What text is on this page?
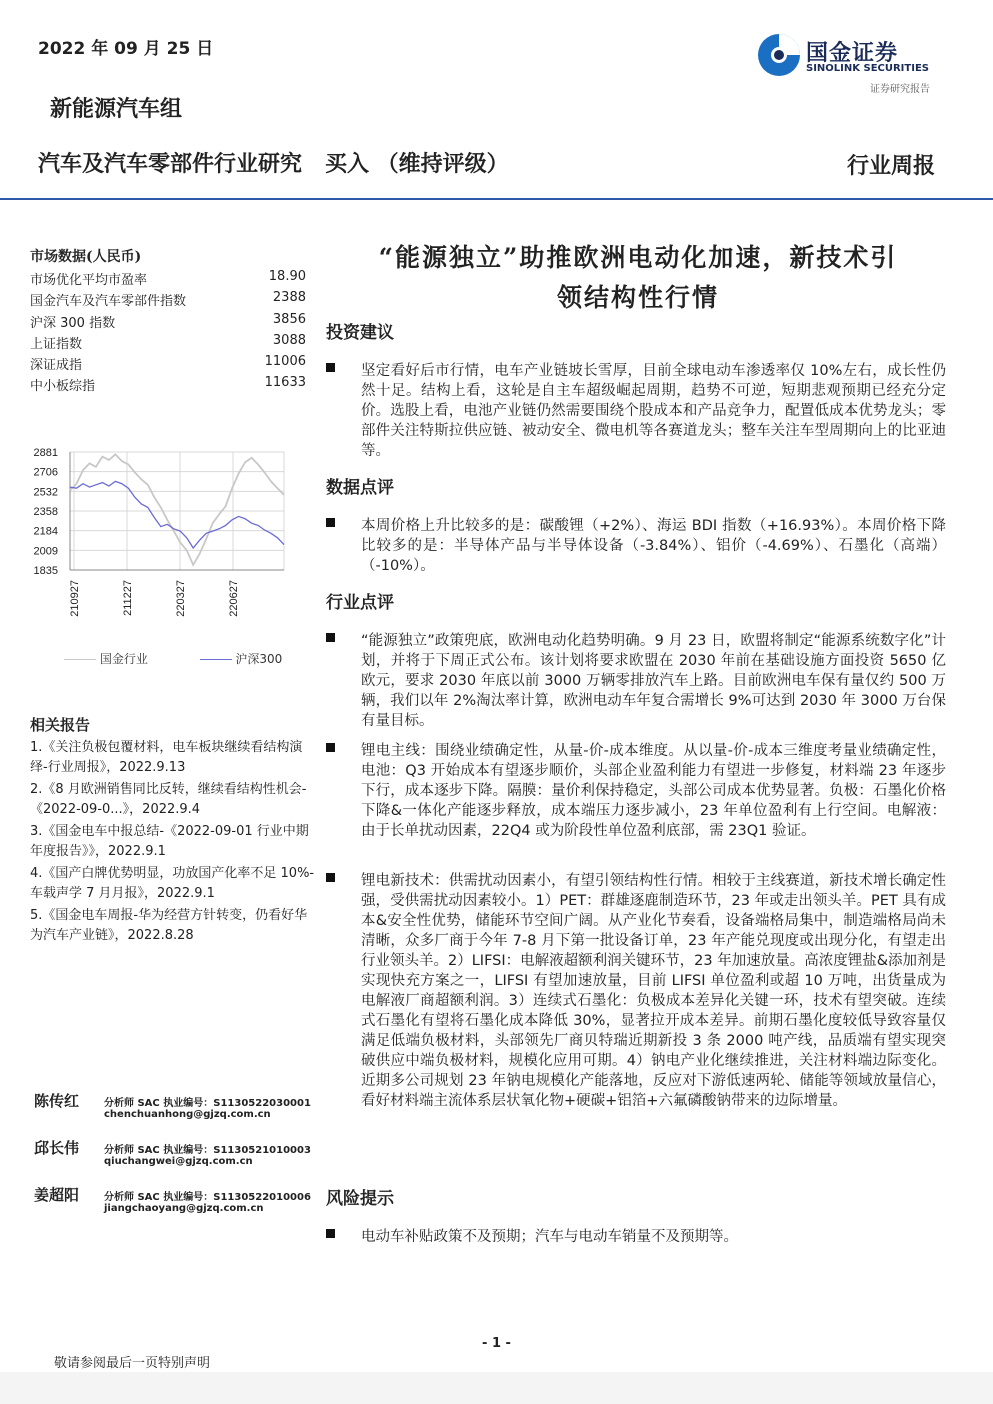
2022 年 09 月 25 日	国金证券
SINOLINK SECURITIES
证券研究报告
新能源汽车组
汽车及汽车零部件行业研究   买入 （维持评级）	行业周报
市场数据(人民币)
市场优化平均市盈率	18.90
国金汽车及汽车零部件指数	2388
沪深 300 指数	3856
上证指数	3088
深证成指	11006
中小板综指	11633
2881
2706
2532
2358
2184
2009
1835
210927	211227	220327	220627
国金行业	沪深300
相关报告
1.《关注负极包覆材料，电车板块继续看结构演绎-行业周报》，2022.9.13
2.《8 月欧洲销售同比反转，继续看结构性机会-《2022-09-0...》，2022.9.4
3.《国金电车中报总结-《2022-09-01 行业中期年度报告》》，2022.9.1
4.《国产白牌优势明显，功放国产化率不足 10%-车载声学 7 月月报》，2022.9.1
5.《国金电车周报-华为经营方针转变，仍看好华为汽车产业链》，2022.8.28
陈传红 分析师 SAC 执业编号：S1130522030001
chenchuanhong@gjzq.com.cn
邱长伟 分析师 SAC 执业编号：S1130521010003
qiuchangwei@gjzq.com.cn
姜超阳 分析师 SAC 执业编号：S1130522010006
jiangchaoyang@gjzq.com.cn
“能源独立”助推欧洲电动化加速，新技术引
领结构性行情
投资建议
坚定看好后市行情，电车产业链坡长雪厚，目前全球电动车渗透率仅 10%左右，成长性仍然十足。结构上看，这轮是自主车超级崛起周期，趋势不可逆，短期悲观预期已经充分定价。选股上看，电池产业链仍然需要围绕个股成本和产品竞争力，配置低成本优势龙头；零部件关注特斯拉供应链、被动安全、微电机等各赛道龙头；整车关注车型周期向上的比亚迪等。
数据点评
本周价格上升比较多的是：碳酸锂（+2%）、海运 BDI 指数（+16.93%）。本周价格下降比较多的是：半导体产品与半导体设备（-3.84%）、铝价（-4.69%）、石墨化（高端）（-10%）。
行业点评
“能源独立”政策兜底，欧洲电动化趋势明确。9 月 23 日，欧盟将制定“能源系统数字化”计划，并将于下周正式公布。该计划将要求欧盟在 2030 年前在基础设施方面投资 5650 亿欧元，要求 2030 年底以前 3000 万辆零排放汽车上路。目前欧洲电车保有量仅约 500 万辆，我们以年 2%淘汰率计算，欧洲电动车年复合需增长 9%可达到 2030 年 3000 万台保有量目标。
锂电主线：围绕业绩确定性，从量-价-成本维度。从以量-价-成本三维度考量业绩确定性，电池：Q3 开始成本有望逐步顺价，头部企业盈利能力有望进一步修复，材料端 23 年逐步下行，成本逐步下降。隔膜：量价利保持稳定，头部公司成本优势显著。负极：石墨化价格下降&一体化产能逐步释放，成本端压力逐步减小，23 年单位盈利有上行空间。电解液：由于长单扰动因素，22Q4 或为阶段性单位盈利底部，需 23Q1 验证。
锂电新技术：供需扰动因素小，有望引领结构性行情。相较于主线赛道，新技术增长确定性强，受供需扰动因素较小。1）PET：群雄逐鹿制造环节，23 年或走出领头羊。PET 具有成本&安全性优势，储能环节空间广阔。从产业化节奏看，设备端格局集中，制造端格局尚未清晰，众多厂商于今年 7-8 月下第一批设备订单，23 年产能兑现度或出现分化，有望走出行业领头羊。2）LIFSI：电解液超额利润关键环节，23 年加速放量。高浓度锂盐&添加剂是实现快充方案之一，LIFSI 有望加速放量，目前 LIFSI 单位盈利或超 10 万吨，出货量成为电解液厂商超额利润。3）连续式石墨化：负极成本差异化关键一环，技术有望突破。连续式石墨化有望将石墨化成本降低 30%，显著拉开成本差异。前期石墨化度较低导致容量仅满足低端负极材料，头部领先厂商贝特瑞近期新投 3 条 2000 吨产线，品质端有望实现突破供应中端负极材料，规模化应用可期。4）钠电产业化继续推进，关注材料端边际变化。近期多公司规划 23 年钠电规模化产能落地，反应对下游低速两轮、储能等领域放量信心，看好材料端主流体系层状氧化物+硬碳+铝箔+六氟磷酸钠带来的边际增量。
风险提示
电动车补贴政策不及预期；汽车与电动车销量不及预期等。
- 1 -
敬请参阅最后一页特别声明
